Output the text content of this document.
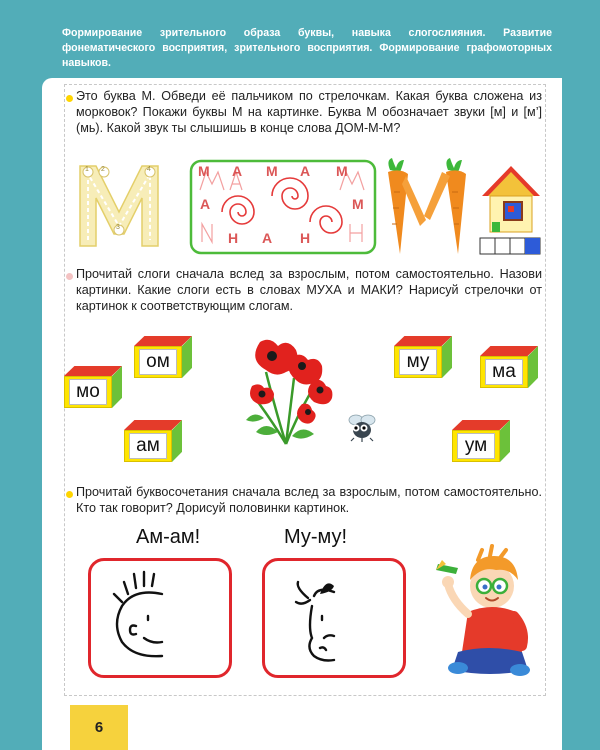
Формирование зрительного образа буквы, навыка слогослияния. Развитие фонематического восприятия, зрительного восприятия. Формирование графомоторных навыков.
Это буква М. Обведи её пальчиком по стрелочкам. Какая буква сложена из морковок? Покажи буквы М на картинке. Буква М обозначает звуки [м] и [м’] (мь). Какой звук ты слышишь в конце слова ДОМ-М-М?
1 2
3
4	М А М А М
А
Н
М
Н
А
Прочитай слоги сначала вслед за взрослым, потом самостоятельно. Назови картинки. Какие слоги есть в словах МУХА и МАКИ? Нарисуй стрелочки от картинок к соответствующим слогам.
ом
мо
ам
му	ма
ум
Прочитай буквосочетания сначала вслед за взрослым, потом самостоятельно. Кто так говорит? Дорисуй половинки картинок.
Ам-ам!	Му-му!
6
